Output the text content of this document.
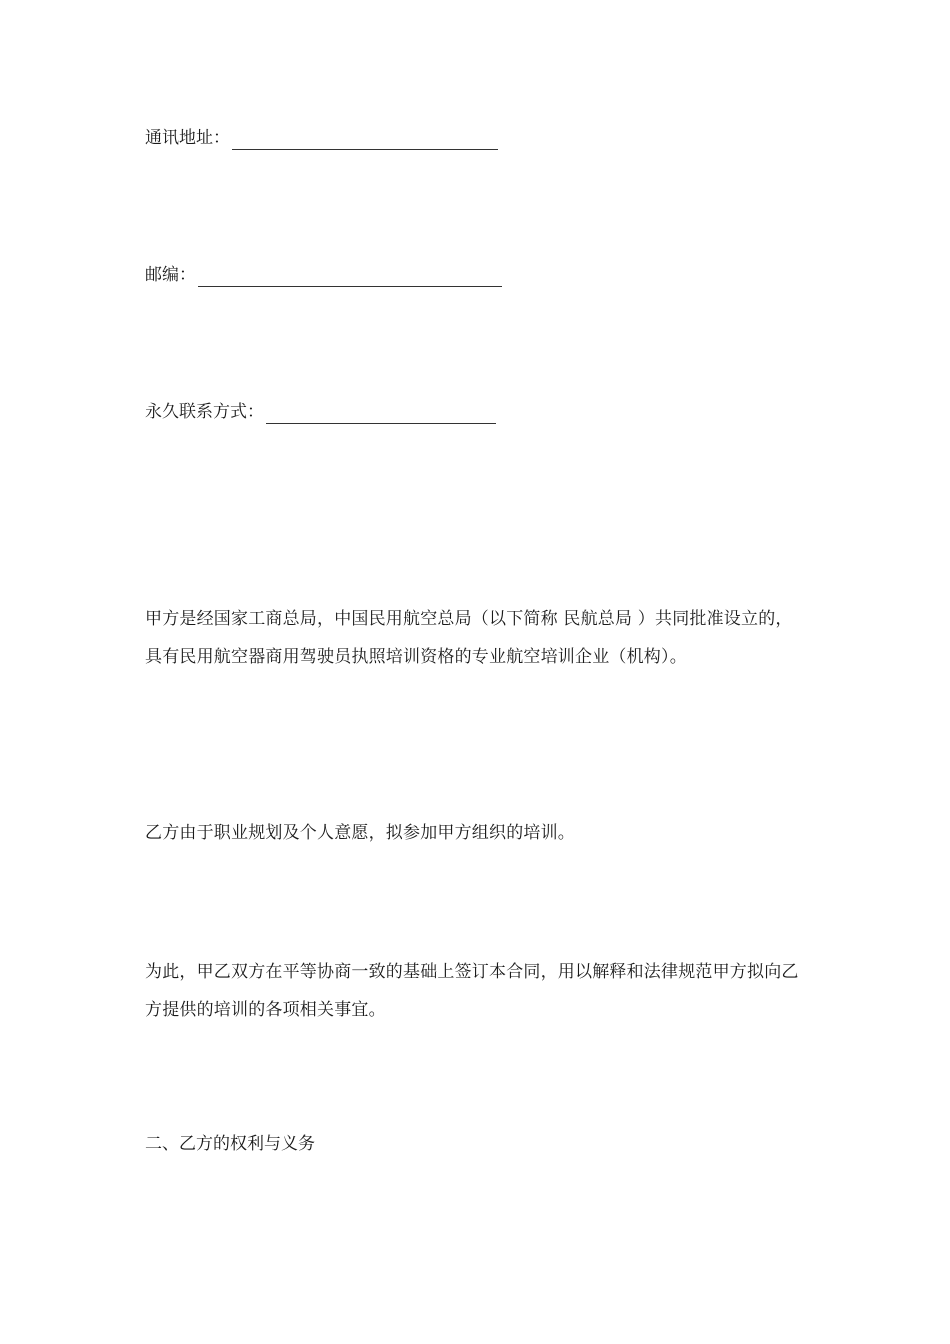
通讯地址：
邮编：
永久联系方式：
甲方是经国家工商总局，中国民用航空总局（以下简称 民航总局 ）共同批准设立的，具有民用航空器商用驾驶员执照培训资格的专业航空培训企业（机构）。
乙方由于职业规划及个人意愿，拟参加甲方组织的培训。
为此，甲乙双方在平等协商一致的基础上签订本合同，用以解释和法律规范甲方拟向乙方提供的培训的各项相关事宜。
二、乙方的权利与义务
